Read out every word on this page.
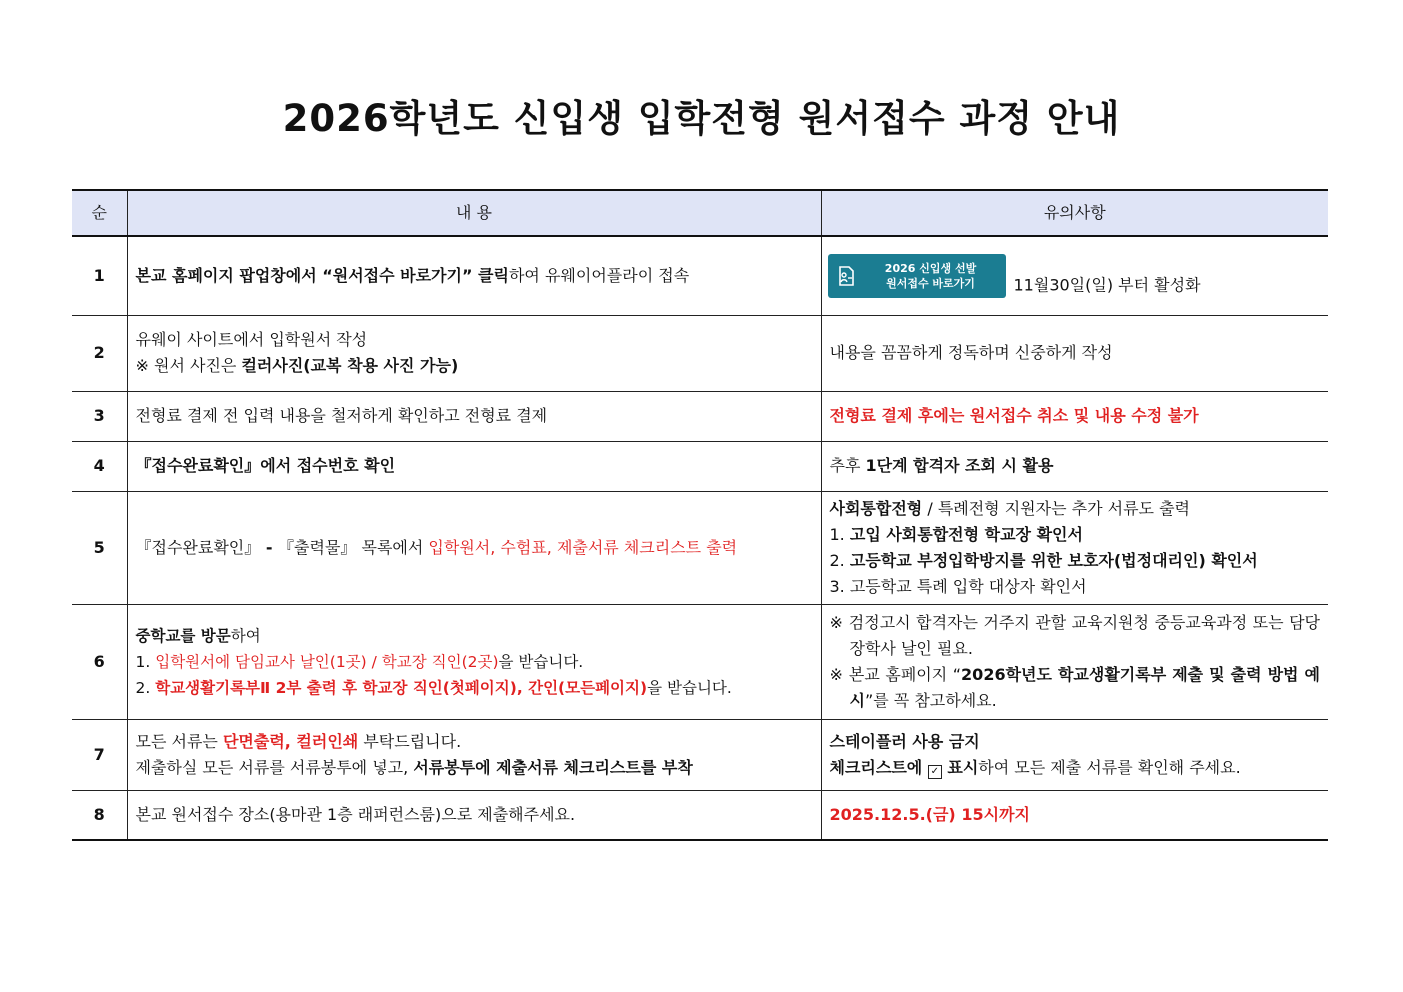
2026학년도 신입생 입학전형 원서접수 과정 안내
순	내 용	유의사항
1	본교 홈페이지 팝업창에서 “원서접수 바로가기” 클릭하여 유웨이어플라이 접속	2026 신입생 선발
원서접수 바로가기 11월30일(일) 부터 활성화
2	유웨이 사이트에서 입학원서 작성
※ 원서 사진은 컬러사진(교복 착용 사진 가능)	내용을 꼼꼼하게 정독하며 신중하게 작성
3	전형료 결제 전 입력 내용을 철저하게 확인하고 전형료 결제	전형료 결제 후에는 원서접수 취소 및 내용 수정 불가
4	『접수완료확인』에서 접수번호 확인	추후 1단계 합격자 조회 시 활용
5	『접수완료확인』 - 『출력물』 목록에서 입학원서, 수험표, 제출서류 체크리스트 출력	사회통합전형 / 특례전형 지원자는 추가 서류도 출력
1. 고입 사회통합전형 학교장 확인서
2. 고등학교 부정입학방지를 위한 보호자(법정대리인) 확인서
3. 고등학교 특례 입학 대상자 확인서

6	중학교를 방문하여
1. 입학원서에 담임교사 날인(1곳) / 학교장 직인(2곳)을 받습니다.
2. 학교생활기록부Ⅱ 2부 출력 후 학교장 직인(첫페이지), 간인(모든페이지)을 받습니다.	※ 검정고시 합격자는 거주지 관할 교육지원청 중등교육과정 또는 담당 장학사 날인 필요.
※ 본교 홈페이지 “2026학년도 학교생활기록부 제출 및 출력 방법 예시”를 꼭 참고하세요.

7	모든 서류는 단면출력, 컬러인쇄 부탁드립니다.
제출하실 모든 서류를 서류봉투에 넣고, 서류봉투에 제출서류 체크리스트를 부착	스테이플러 사용 금지
체크리스트에 ✓ 표시하여 모든 제출 서류를 확인해 주세요.

8	본교 원서접수 장소(용마관 1층 래퍼런스룸)으로 제출해주세요.	2025.12.5.(금) 15시까지
